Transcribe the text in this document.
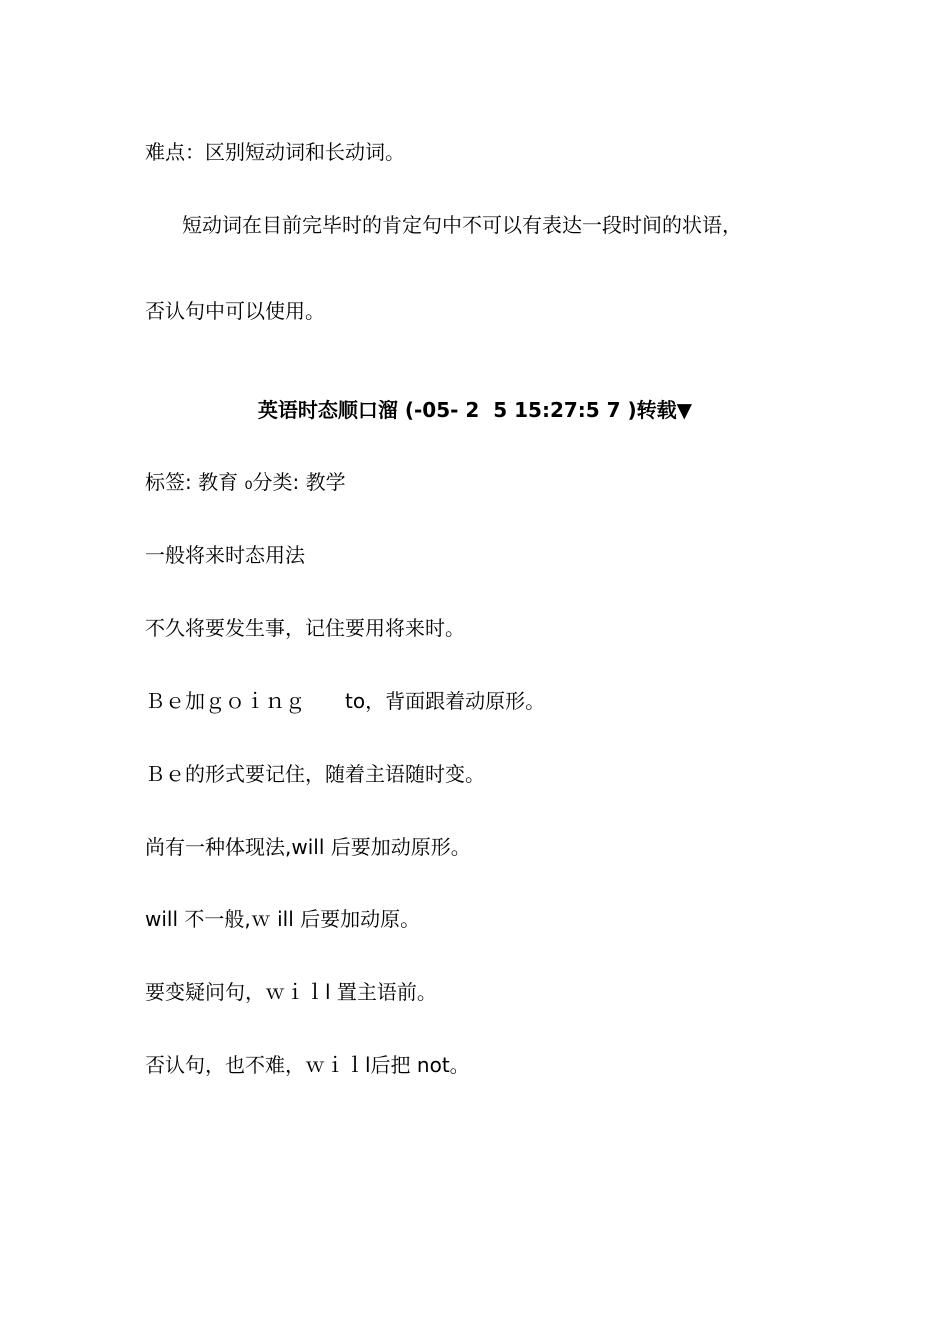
难点：区别短动词和长动词。

短动词在目前完毕时的肯定句中不可以有表达一段时间的状语，

否认句中可以使用。

英语时态顺口溜 (-05- 2  5 15:27:5 7 )转载▼

标签: 教育 ₀分类: 教学

一般将来时态用法

不久将要发生事，记住要用将来时。

Ｂｅ加ｇｏｉｎｇ　　to，背面跟着动原形。

Ｂｅ的形式要记住，随着主语随时变。

尚有一种体现法,will 后要加动原形。

will 不一般,ｗ ill 后要加动原。

要变疑问句，ｗｉｌl 置主语前。

否认句，也不难，ｗｉｌl后把 not。
